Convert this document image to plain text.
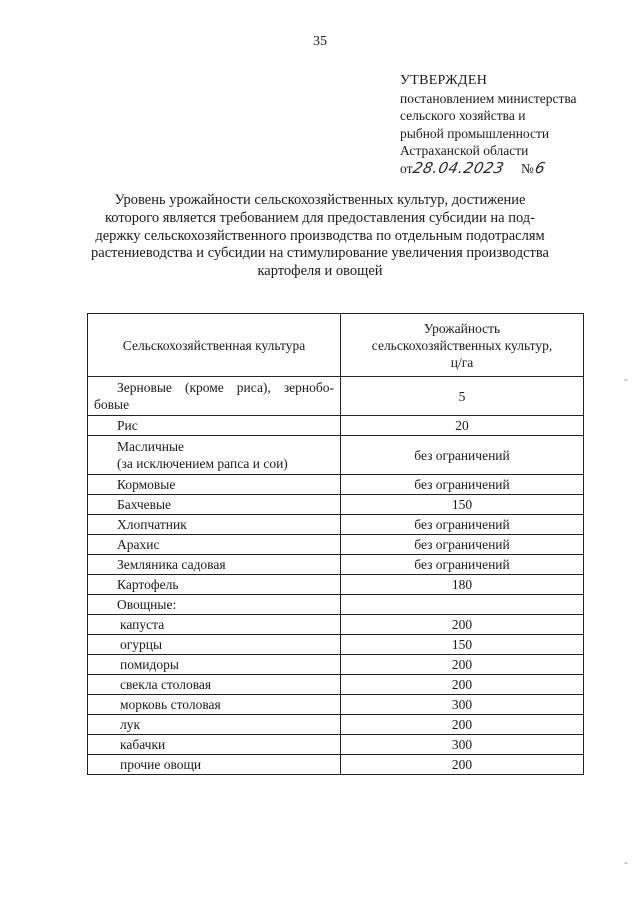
35
УТВЕРЖДЕН
постановлением министерства
сельского хозяйства и
рыбной промышленности
Астраханской области
от28.04.2023 №6
Уровень урожайности сельскохозяйственных культур, достижение
которого является требованием для предоставления субсидии на под-
держку сельскохозяйственного производства по отдельным подотраслям
растениеводства и субсидии на стимулирование увеличения производства
картофеля и овощей
Сельскохозяйственная культура	Урожайность
сельскохозяйственных культур,
ц/га

Зерновые (кроме риса), зернобо-
бовые	5
Рис	20

Масличные
(за исключением рапса и сои)	без ограничений
Кормовые	без ограничений
Бахчевые	150
Хлопчатник	без ограничений
Арахис	без ограничений
Земляника садовая	без ограничений
Картофель	180
Овощные:	
капуста	200
огурцы	150
помидоры	200
свекла столовая	200
морковь столовая	300
лук	200
кабачки	300
прочие овощи	200
-
-
